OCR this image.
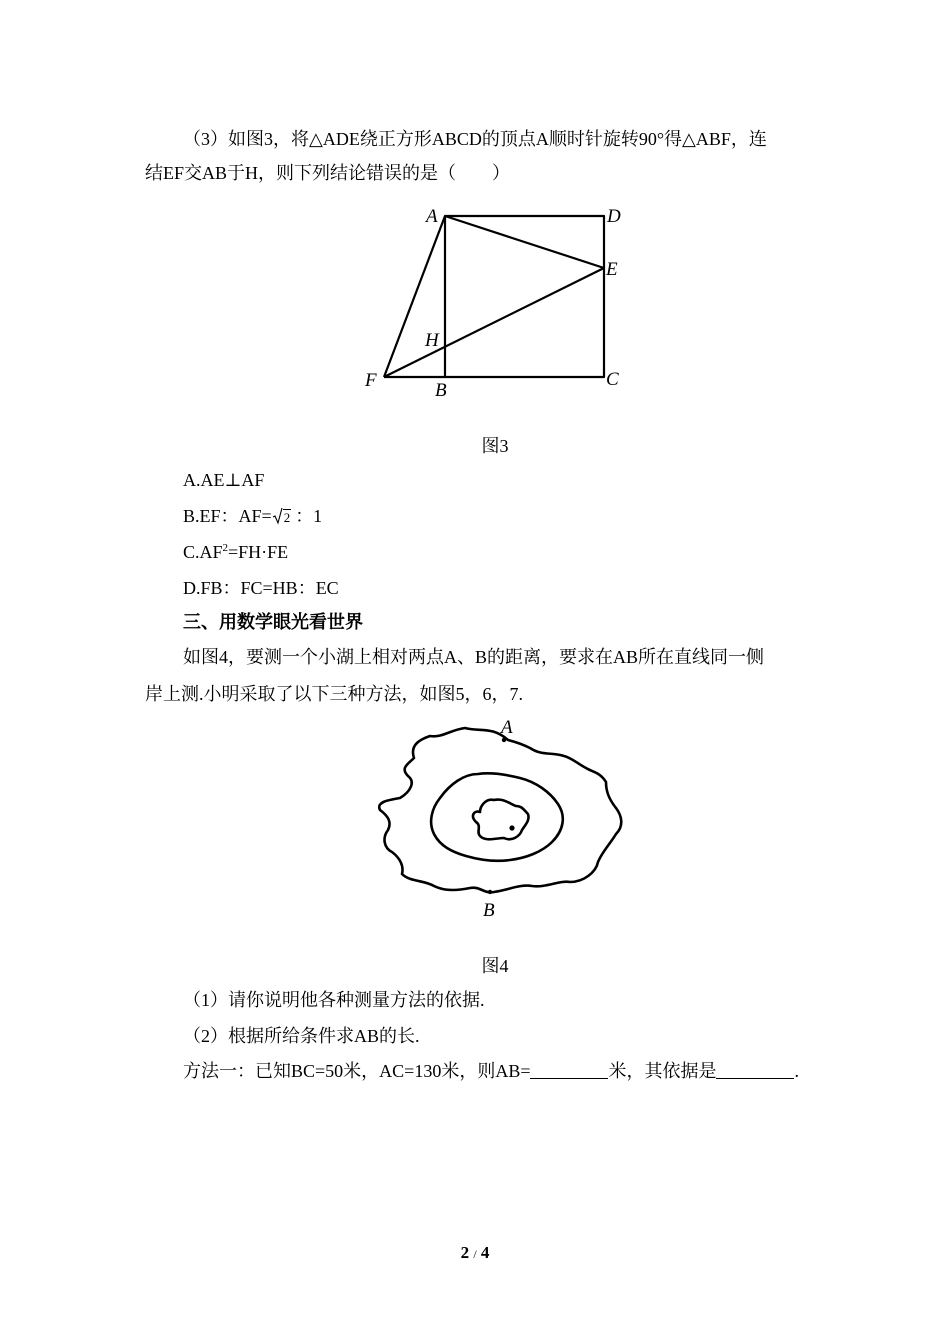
（3）如图3，将△ADE绕正方形ABCD的顶点A顺时针旋转90°得△ABF，连
结EF交AB于H，则下列结论错误的是（　　）
A	D
E
H
F	B
C
图3
A.AE⊥AF
B.EF：AF= 2 ：1
$C.AF^2=FH\cdot FE$
D.FB：FC=HB：EC
三、用数学眼光看世界
如图4，要测一个小湖上相对两点A、B的距离，要求在AB所在直线同一侧
岸上测.小明采取了以下三种方法，如图5，6，7.
A
B
图4
（1）请你说明他各种测量方法的依据.
（2）根据所给条件求AB的长.
方法一：已知BC=50米，AC=130米，则AB=	米，其依据是	.
2 / 4
